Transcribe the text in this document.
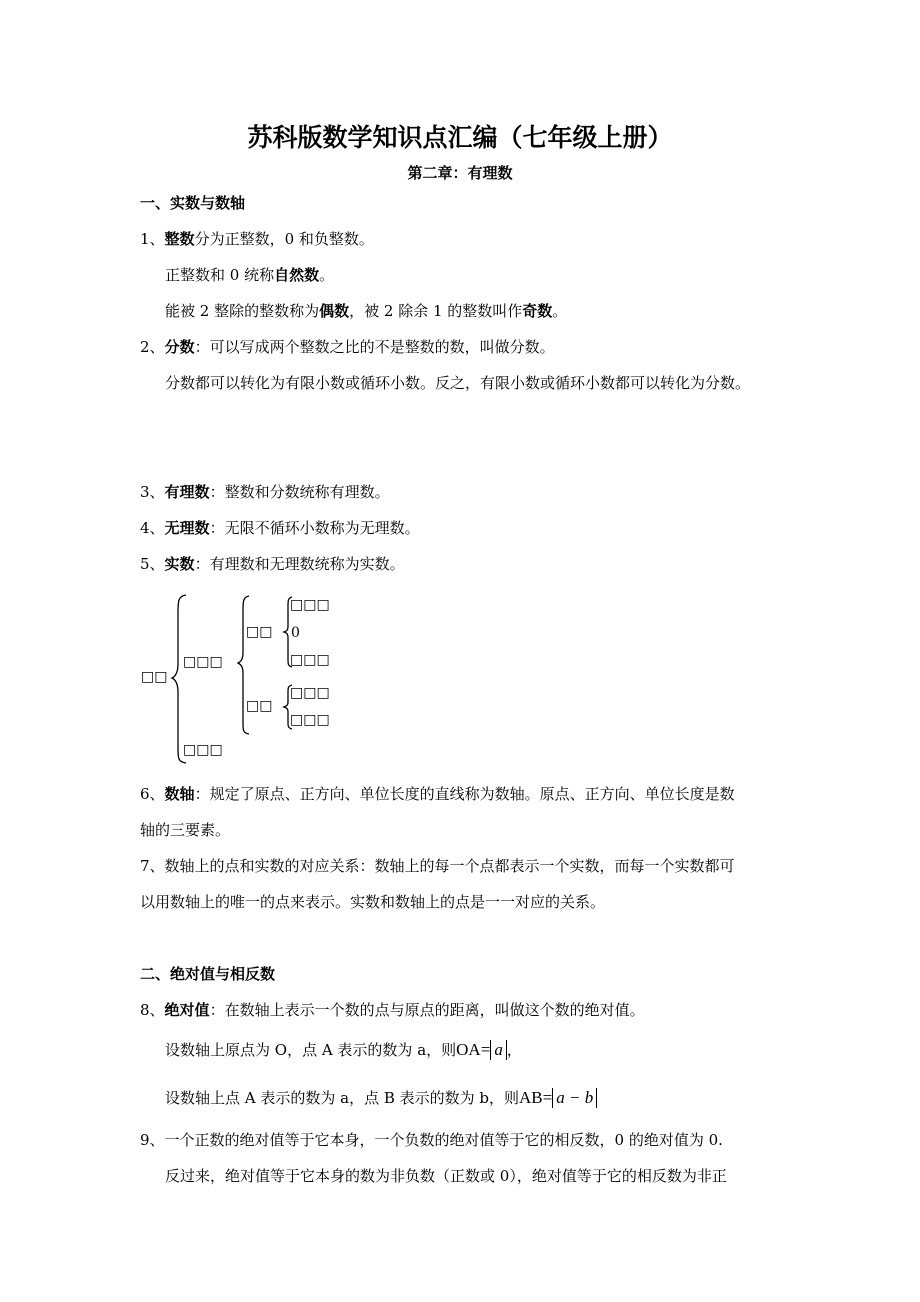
苏科版数学知识点汇编（七年级上册）
第二章：有理数
一、实数与数轴
1、整数分为正整数，0 和负整数。
正整数和 0 统称自然数。
能被 2 整除的整数称为偶数，被 2 除余 1 的整数叫作奇数。
2、分数：可以写成两个整数之比的不是整数的数，叫做分数。
分数都可以转化为有限小数或循环小数。反之，有限小数或循环小数都可以转化为分数。
3、有理数：整数和分数统称有理数。
4、无理数：无限不循环小数称为无理数。
5、实数：有理数和无理数统称为实数。
□□
□□□
□□□
□□
□□
□□□
0
□□□
□□□
□□□
6、数轴：规定了原点、正方向、单位长度的直线称为数轴。原点、正方向、单位长度是数
轴的三要素。
7、数轴上的点和实数的对应关系：数轴上的每一个点都表示一个实数，而每一个实数都可
以用数轴上的唯一的点来表示。实数和数轴上的点是一一对应的关系。
二、绝对值与相反数
8、绝对值：在数轴上表示一个数的点与原点的距离，叫做这个数的绝对值。
设数轴上原点为 O，点 A 表示的数为 a，则OA= a ，
设数轴上点 A 表示的数为 a，点 B 表示的数为 b，则AB= a − b
9、一个正数的绝对值等于它本身，一个负数的绝对值等于它的相反数，0 的绝对值为 0.
反过来，绝对值等于它本身的数为非负数（正数或 0），绝对值等于它的相反数为非正
